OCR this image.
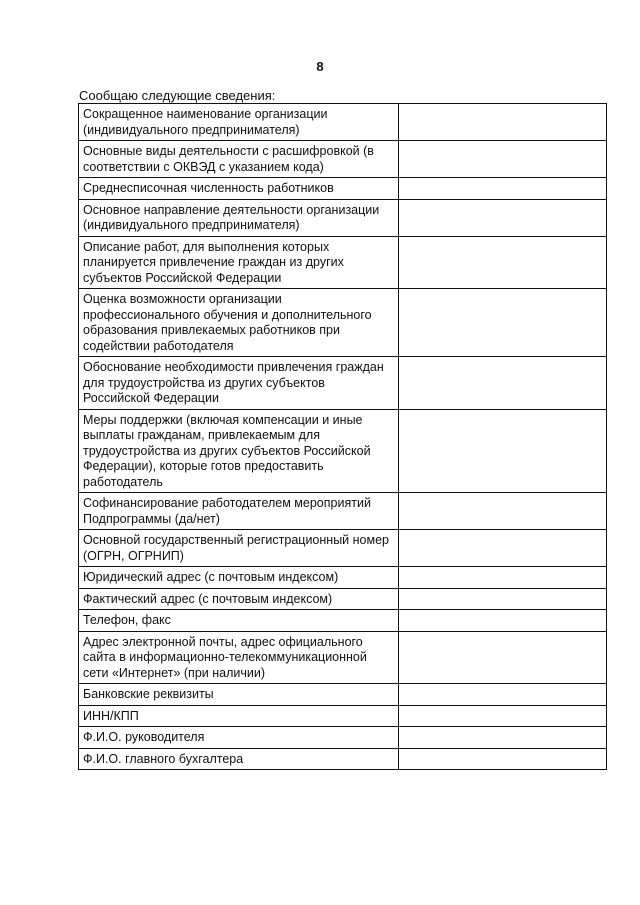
8
Сообщаю следующие сведения:
Сокращенное наименование организации (индивидуального предпринимателя)	
Основные виды деятельности с расшифровкой (в соответствии с ОКВЭД с указанием кода)	
Среднесписочная численность работников	
Основное направление деятельности организации (индивидуального предпринимателя)	
Описание работ, для выполнения которых планируется привлечение граждан из других субъектов Российской Федерации	
Оценка возможности организации профессионального обучения и дополнительного образования привлекаемых работников при содействии работодателя	
Обоснование необходимости привлечения граждан для трудоустройства из других субъектов Российской Федерации	
Меры поддержки (включая компенсации и иные выплаты гражданам, привлекаемым для трудоустройства из других субъектов Российской Федерации), которые готов предоставить работодатель	
Софинансирование работодателем мероприятий Подпрограммы (да/нет)	
Основной государственный регистрационный номер (ОГРН, ОГРНИП)	
Юридический адрес (с почтовым индексом)	
Фактический адрес (с почтовым индексом)	
Телефон, факс	
Адрес электронной почты, адрес официального сайта в информационно-телекоммуникационной сети «Интернет» (при наличии)	
Банковские реквизиты	
ИНН/КПП	
Ф.И.О. руководителя	
Ф.И.О. главного бухгалтера	
